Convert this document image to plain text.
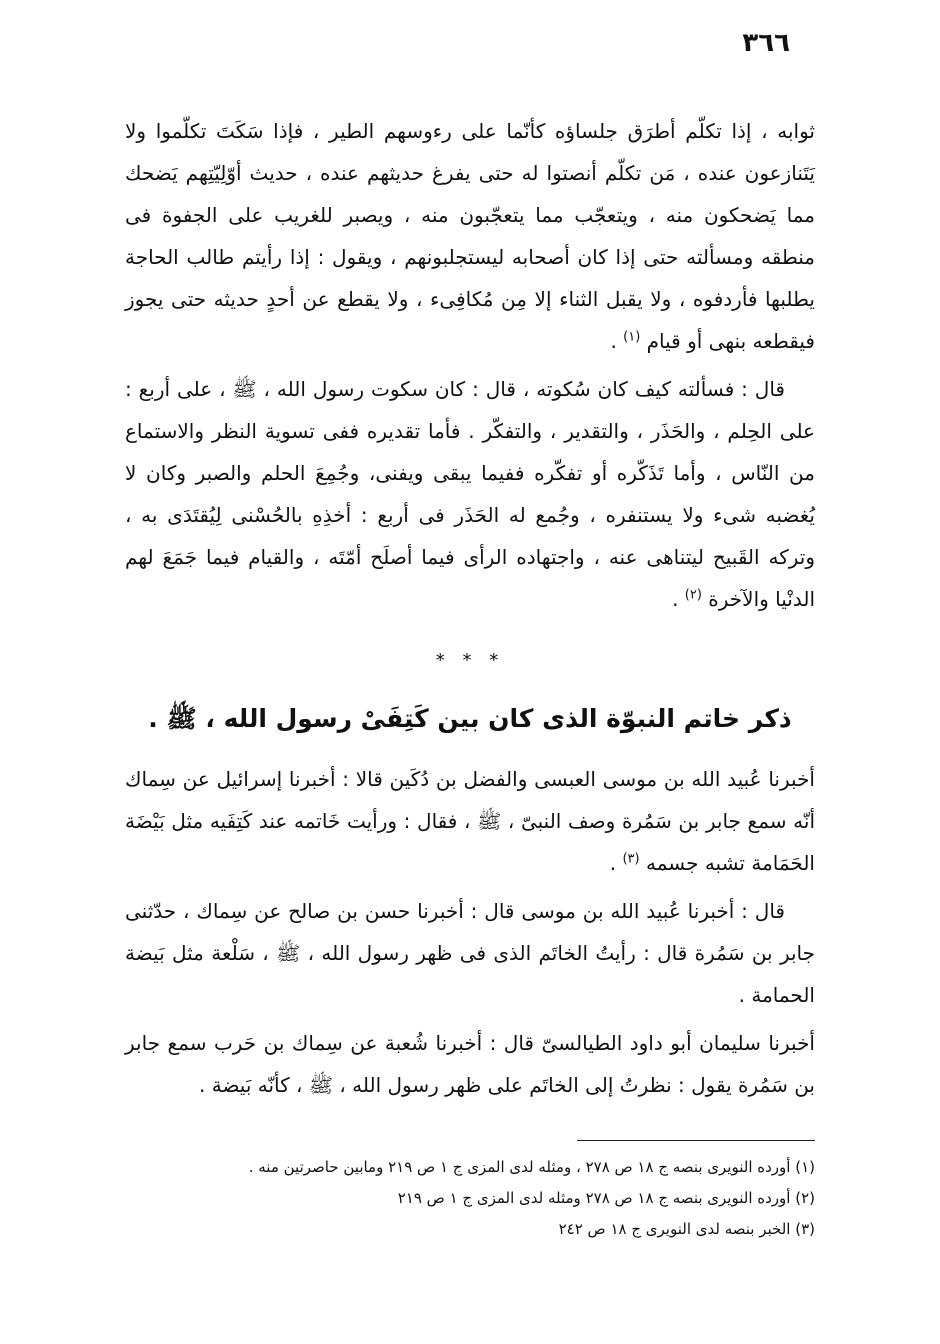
٣٦٦

ثوابه ، إذا تكلّم أطرَق جلساؤه كأنّما على رءوسهم الطير ، فإذا سَكَتَ تكلّموا ولا يَتَنازعون عنده ، مَن تكلّم أنصتوا له حتى يفرغ حديثهم عنده ، حديث أوّلِيّتِهم يَضحك مما يَضحكون منه ، ويتعجّب مما يتعجّبون منه ، ويصبر للغريب على الجفوة فى منطقه ومسألته حتى إذا كان أصحابه ليستجلبونهم ، ويقول : إذا رأيتم طالب الحاجة يطلبها فأردفوه ، ولا يقبل الثناء إلا مِن مُكافِىء ، ولا يقطع عن أحدٍ حديثه حتى يجوز فيقطعه بنهى أو قيام $^{(١)}$ .

قال : فسألته كيف كان سُكوته ، قال : كان سكوت رسول الله ، ﷺ ، على أربع : على الحِلم ، والحَذَر ، والتقدير ، والتفكّر . فأما تقديره ففى تسوية النظر والاستماع من النّاس ، وأما تَذَكّره أو تفكّره ففيما يبقى ويفنى، وجُمِعَ الحلم والصبر وكان لا يُغضبه شىء ولا يستنفره ، وجُمع له الحَذَر فى أربع : أخذِهِ بالحُسْنى لِيُقتَدَى به ، وتركه القَبيح ليتناهى عنه ، واجتهاده الرأى فيما أصلَح أمّتَه ، والقيام فيما جَمَعَ لهم الدنْيا والآخرة $^{(٢)}$ .

* * *
ذكر خاتم النبوّة الذى كان بين كَتِفَىْ رسول الله ، ﷺ .

أخبرنا عُبيد الله بن موسى العبسى والفضل بن دُكَين قالا : أخبرنا إسرائيل عن سِماك أنّه سمع جابر بن سَمُرة وصف النبىّ ، ﷺ ، فقال : ورأيت خَاتمه عند كَتِفَيه مثل بَيْضَة الحَمَامة تشبه جسمه $^{(٣)}$ .

قال : أخبرنا عُبيد الله بن موسى قال : أخبرنا حسن بن صالح عن سِماك ، حدّثنى جابر بن سَمُرة قال : رأيتُ الخاتَم الذى فى ظهر رسول الله ، ﷺ ، سَلْعة مثل بَيضة الحمامة .

أخبرنا سليمان أبو داود الطيالسىّ قال : أخبرنا شُعبة عن سِماك بن حَرب سمع جابر بن سَمُرة يقول : نظرتُ إلى الخاتَم على ظهر رسول الله ، ﷺ ، كأنّه بَيضة .

(١) أورده النويرى بنصه ج ١٨ ص ٢٧٨ ، ومثله لدى المزى ج ١ ص ٢١٩ ومابين حاصرتين منه .

(٢) أورده النويرى بنصه ج ١٨ ص ٢٧٨ ومثله لدى المزى ج ١ ص ٢١٩

(٣) الخبر بنصه لدى النويرى ج ١٨ ص ٢٤٢
